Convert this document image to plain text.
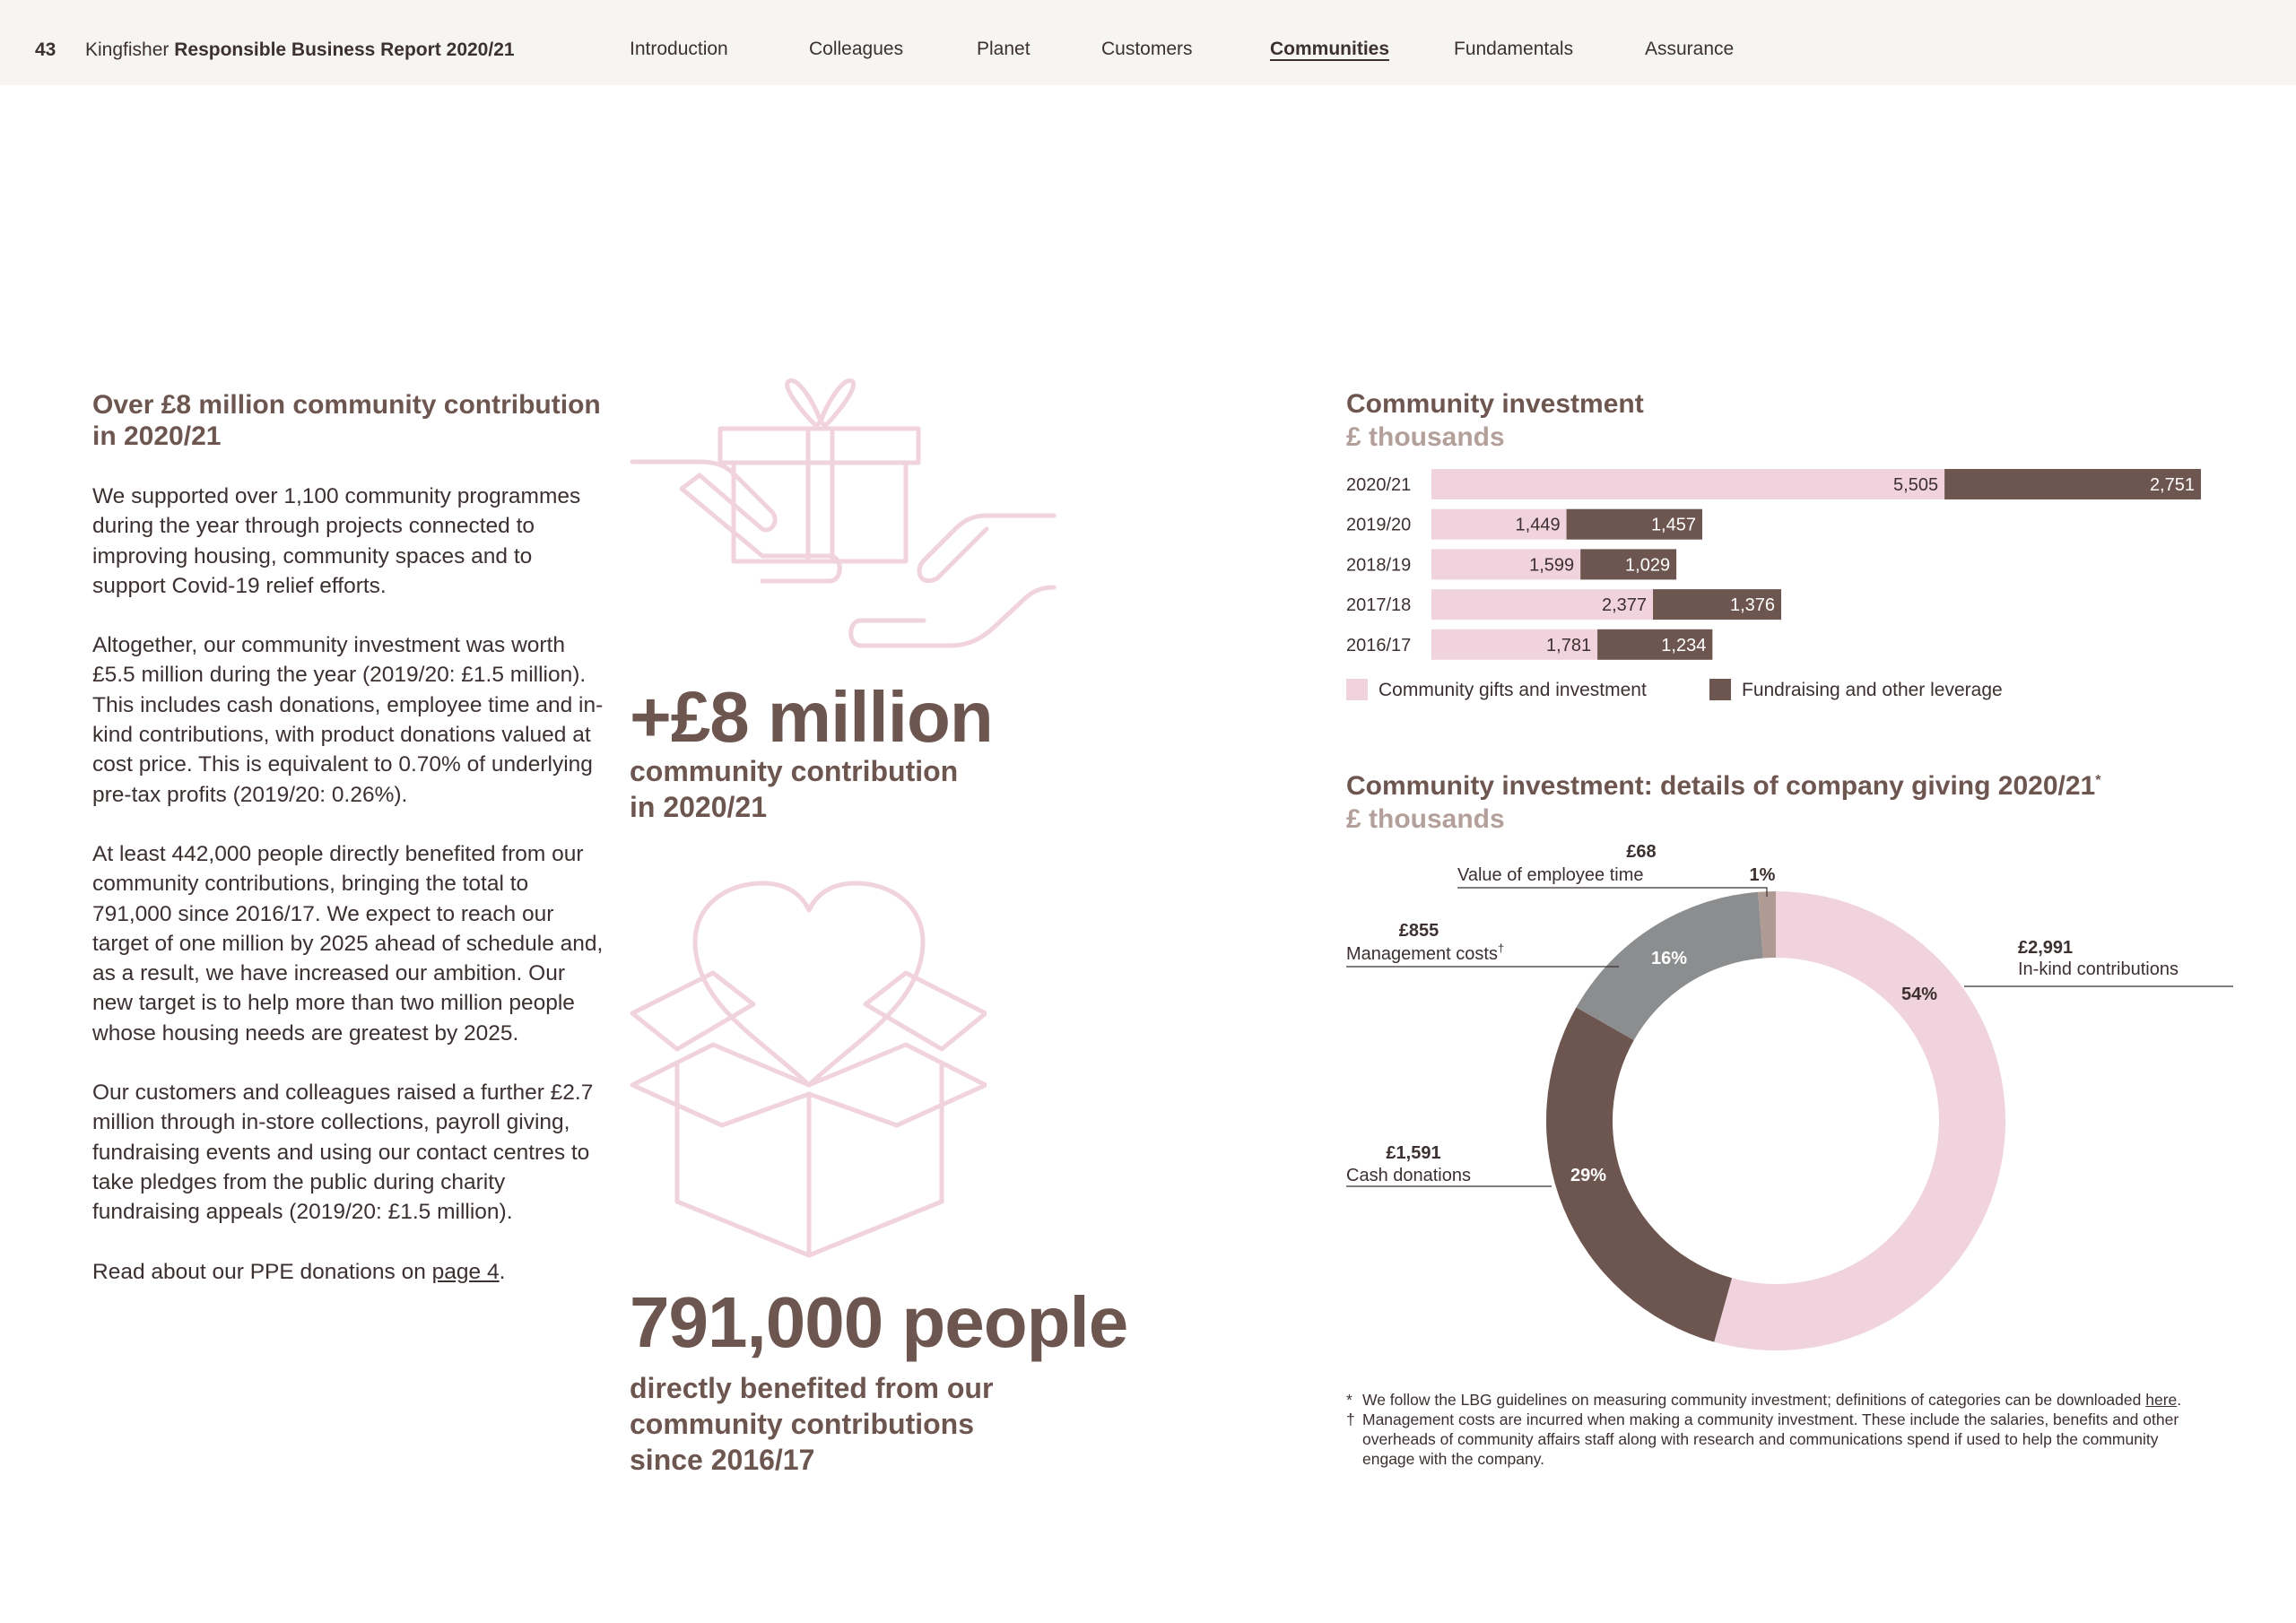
43 Kingfisher Responsible Business Report 2020/21	Introduction	Colleagues	Planet	Customers	Communities	Fundamentals	Assurance
Over £8 million community contribution in 2020/21

We supported over 1,100 community programmes during the year through projects connected to improving housing, community spaces and to support Covid-19 relief efforts.

Altogether, our community investment was worth £5.5 million during the year (2019/20: £1.5 million). This includes cash donations, employee time and in-kind contributions, with product donations valued at cost price. This is equivalent to 0.70% of underlying pre-tax profits (2019/20: 0.26%).

At least 442,000 people directly benefited from our community contributions, bringing the total to 791,000 since 2016/17. We expect to reach our target of one million by 2025 ahead of schedule and, as a result, we have increased our ambition. Our new target is to help more than two million people whose housing needs are greatest by 2025.

Our customers and colleagues raised a further £2.7 million through in-store collections, payroll giving, fundraising events and using our contact centres to take pledges from the public during charity fundraising appeals (2019/20: £1.5 million).

Read about our PPE donations on page 4.

+£8 million
community contribution in 2020/21
791,000 people
directly benefited from our community contributions since 2016/17
Community investment
£ thousands
2020/21	5,505	2,751
2019/20	1,449	1,457
2018/19	1,599	1,029
2017/18	2,377	1,376
2016/17	1,781	1,234
Community gifts and investment	Fundraising and other leverage
Community investment: details of company giving 2020/21*
£ thousands
54%
29%
16%
1%
£2,991
In-kind contributions
£1,591
Cash donations
£855
Management costs†
£68
Value of employee time

* We follow the LBG guidelines on measuring community investment; definitions of categories can be downloaded here.

† Management costs are incurred when making a community investment. These include the salaries, benefits and other overheads of community affairs staff along with research and communications spend if used to help the community engage with the company.
